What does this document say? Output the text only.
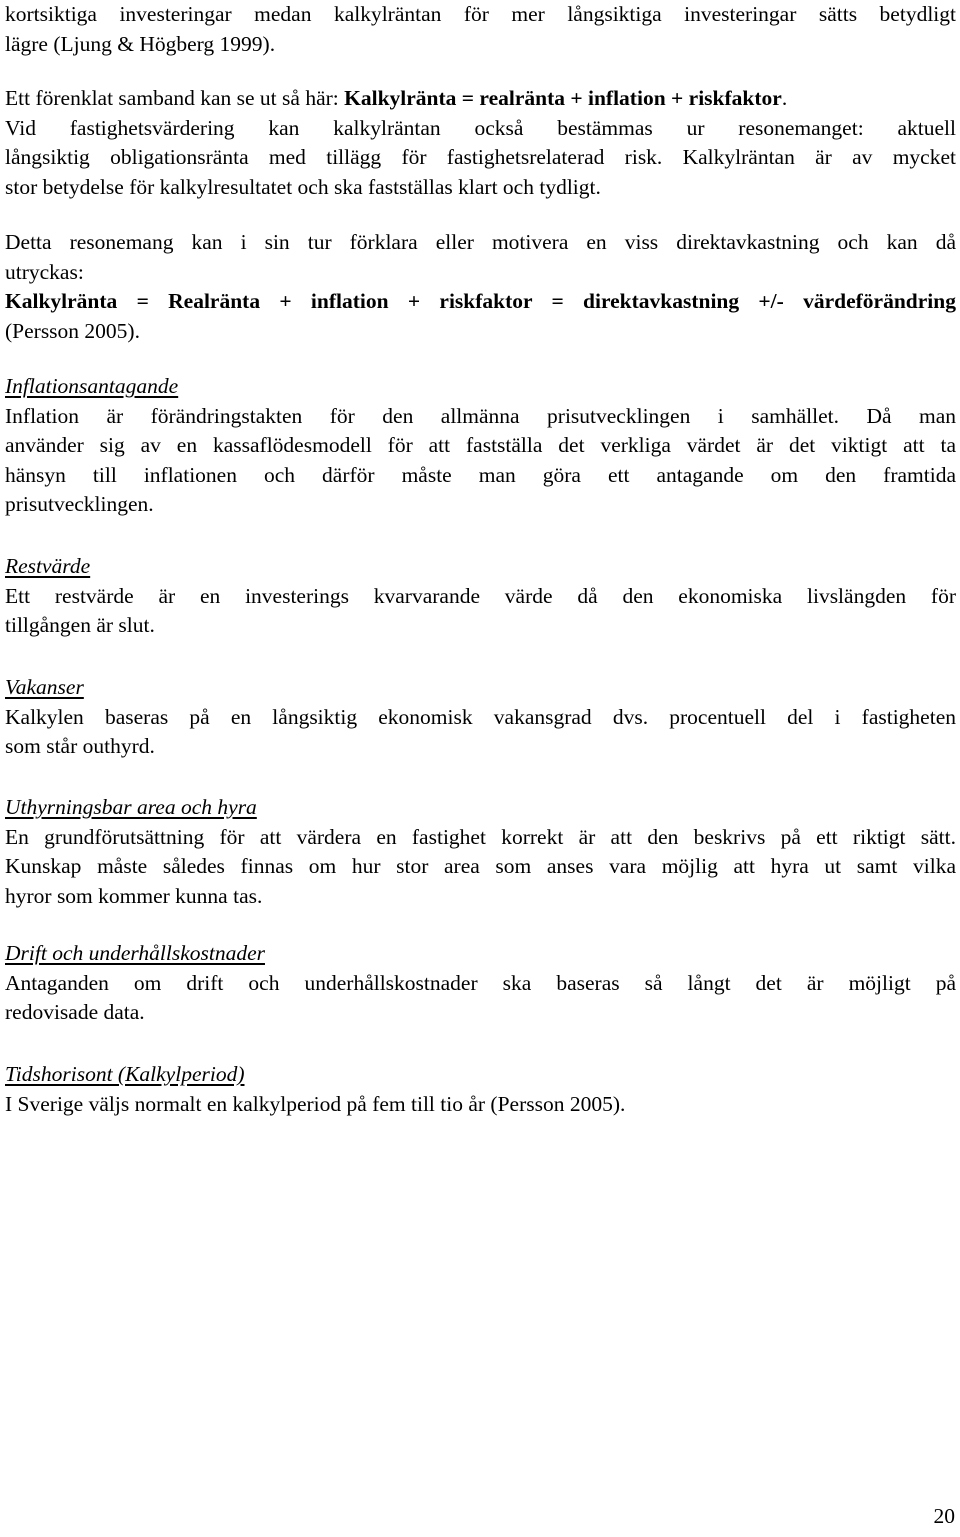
kortsiktiga investeringar medan kalkylräntan för mer långsiktiga investeringar sätts betydligt

lägre (Ljung & Högberg 1999).

Ett förenklat samband kan se ut så här: Kalkylränta = realränta + inflation + riskfaktor.

Vid fastighetsvärdering kan kalkylräntan också bestämmas ur resonemanget: aktuell

långsiktig obligationsränta med tillägg för fastighetsrelaterad risk. Kalkylräntan är av mycket

stor betydelse för kalkylresultatet och ska fastställas klart och tydligt.

Detta resonemang kan i sin tur förklara eller motivera en viss direktavkastning och kan då

utryckas:

Kalkylränta = Realränta + inflation + riskfaktor = direktavkastning +/- värdeförändring

(Persson 2005).

Inflationsantagande

Inflation är förändringstakten för den allmänna prisutvecklingen i samhället. Då man

använder sig av en kassaflödesmodell för att fastställa det verkliga värdet är det viktigt att ta

hänsyn till inflationen och därför måste man göra ett antagande om den framtida

prisutvecklingen.

Restvärde

Ett restvärde är en investerings kvarvarande värde då den ekonomiska livslängden för

tillgången är slut.

Vakanser

Kalkylen baseras på en långsiktig ekonomisk vakansgrad dvs. procentuell del i fastigheten

som står outhyrd.

Uthyrningsbar area och hyra

En grundförutsättning för att värdera en fastighet korrekt är att den beskrivs på ett riktigt sätt.

Kunskap måste således finnas om hur stor area som anses vara möjlig att hyra ut samt vilka

hyror som kommer kunna tas.

Drift och underhållskostnader

Antaganden om drift och underhållskostnader ska baseras så långt det är möjligt på

redovisade data.

Tidshorisont (Kalkylperiod)

I Sverige väljs normalt en kalkylperiod på fem till tio år (Persson 2005).

20
